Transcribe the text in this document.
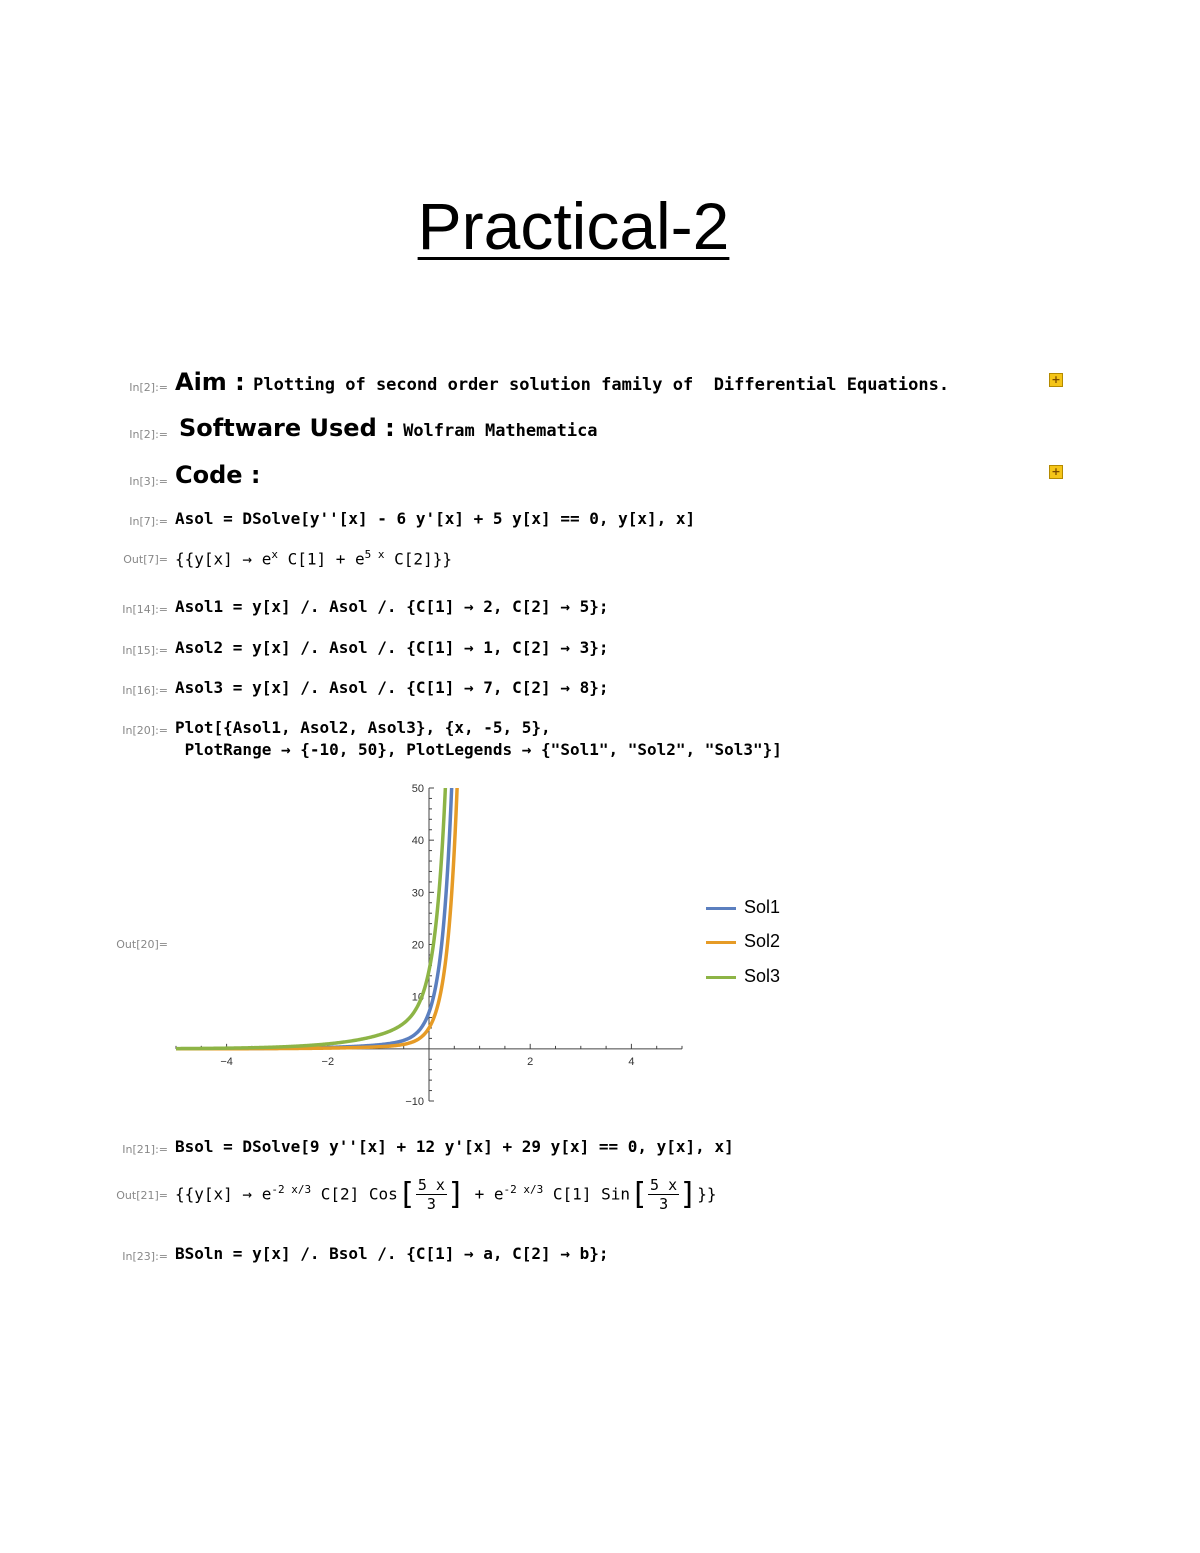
Practical-2
In[2]:= Aim : Plotting of second order solution family of  Differential Equations.	+
In[2]:= Software Used : Wolfram Mathematica
In[3]:= Code :	+
In[7]:= Asol = DSolve[y''[x] - 6 y'[x] + 5 y[x] == 0, y[x], x]
$Out[7]= \{\{y[x] \to e^x$ $C[1] + e^{5 x}$ C[2]}}
In[14]:= Asol1 = y[x] /. Asol /. {C[1] → 2, C[2] → 5};
In[15]:= Asol2 = y[x] /. Asol /. {C[1] → 1, C[2] → 3};
In[16]:= Asol3 = y[x] /. Asol /. {C[1] → 7, C[2] → 8};
In[20]:= Plot[{Asol1, Asol2, Asol3}, {x, -5, 5},
PlotRange → {-10, 50}, PlotLegends → {"Sol1", "Sol2", "Sol3"}]
Out[20]=
−4	−2	2	4
−10
10
20
30
40
50
Sol1
Sol2
Sol3
In[21]:= Bsol = DSolve[9 y''[x] + 12 y'[x] + 29 y[x] == 0, y[x], x]
$Out[21]= \{\{y[x] \to e^{-2 x/3}$ C[2] $Cos[ \frac{5 x}{3}$ ] + $e^{-2 x/3}$ C[1] $Sin[ \frac{5 x}{3}$ ]}}
In[23]:= BSoln = y[x] /. Bsol /. {C[1] → a, C[2] → b};
